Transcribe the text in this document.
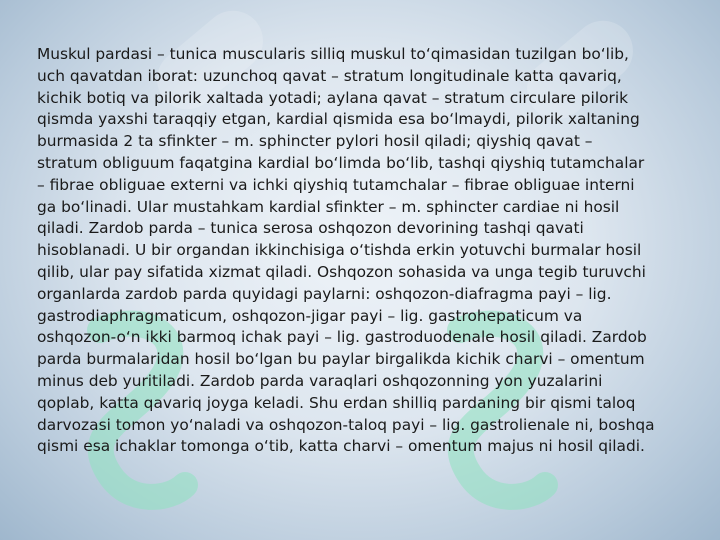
Muskul pardasi – tunica muscularis silliq muskul to‘qimasidan tuzilgan bo‘lib,
uch qavatdan iborat: uzunchoq qavat – stratum longitudinale katta qavariq,
kichik botiq va pilorik xaltada yotadi; aylana qavat – stratum circulare pilorik
qismda yaxshi taraqqiy etgan, kardial qismida esa bo‘lmaydi, pilorik xaltaning
burmasida 2 ta sfinkter – m. sphincter pylori hosil qiladi; qiyshiq qavat –
stratum obliguum faqatgina kardial bo‘limda bo‘lib, tashqi qiyshiq tutamchalar
– fibrae obliguae externi va ichki qiyshiq tutamchalar – fibrae obliguae interni
ga bo‘linadi. Ular mustahkam kardial sfinkter – m. sphincter cardiae ni hosil
qiladi. Zardob parda – tunica serosa oshqozon devorining tashqi qavati
hisoblanadi. U bir organdan ikkinchisiga o‘tishda erkin yotuvchi burmalar hosil
qilib, ular pay sifatida xizmat qiladi. Oshqozon sohasida va unga tegib turuvchi
organlarda zardob parda quyidagi paylarni: oshqozon-diafragma payi – lig.
gastrodiaphragmaticum, oshqozon-jigar payi – lig. gastrohepaticum va
oshqozon-o‘n ikki barmoq ichak payi – lig. gastroduodenale hosil qiladi. Zardob
parda burmalaridan hosil bo‘lgan bu paylar birgalikda kichik charvi – omentum
minus deb yuritiladi. Zardob parda varaqlari oshqozonning yon yuzalarini
qoplab, katta qavariq joyga keladi. Shu erdan shilliq pardaning bir qismi taloq
darvozasi tomon yo‘naladi va oshqozon-taloq payi – lig. gastrolienale ni, boshqa
qismi esa ichaklar tomonga o‘tib, katta charvi – omentum majus ni hosil qiladi.
